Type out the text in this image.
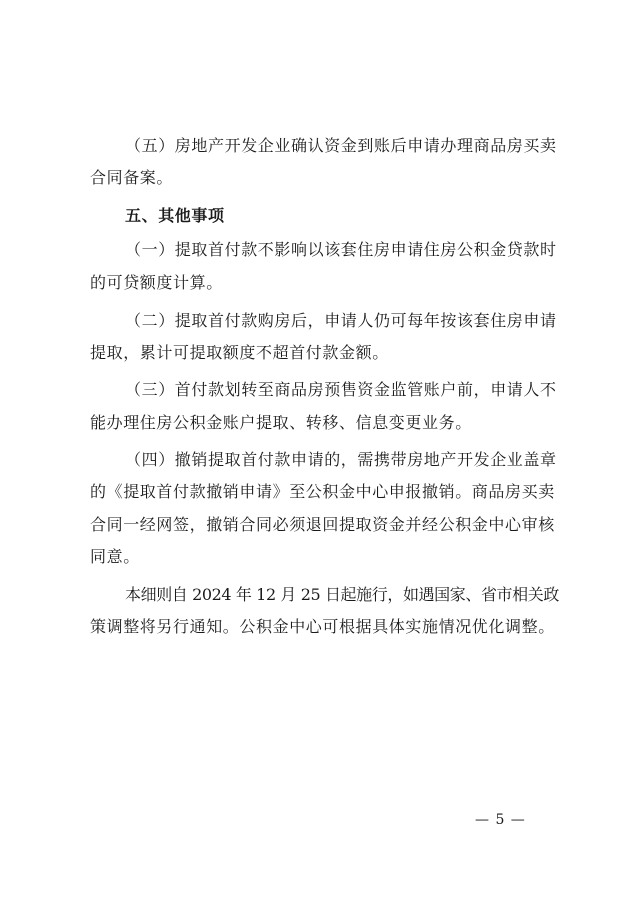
（五）房地产开发企业确认资金到账后申请办理商品房买卖
合同备案。
五、其他事项
（一）提取首付款不影响以该套住房申请住房公积金贷款时
的可贷额度计算。
（二）提取首付款购房后，申请人仍可每年按该套住房申请
提取，累计可提取额度不超首付款金额。
（三）首付款划转至商品房预售资金监管账户前，申请人不
能办理住房公积金账户提取、转移、信息变更业务。
（四）撤销提取首付款申请的，需携带房地产开发企业盖章
的《提取首付款撤销申请》至公积金中心申报撤销。商品房买卖
合同一经网签，撤销合同必须退回提取资金并经公积金中心审核
同意。
本细则自 2024 年 12 月 25 日起施行，如遇国家、省市相关政
策调整将另行通知。公积金中心可根据具体实施情况优化调整。
— 5 —
